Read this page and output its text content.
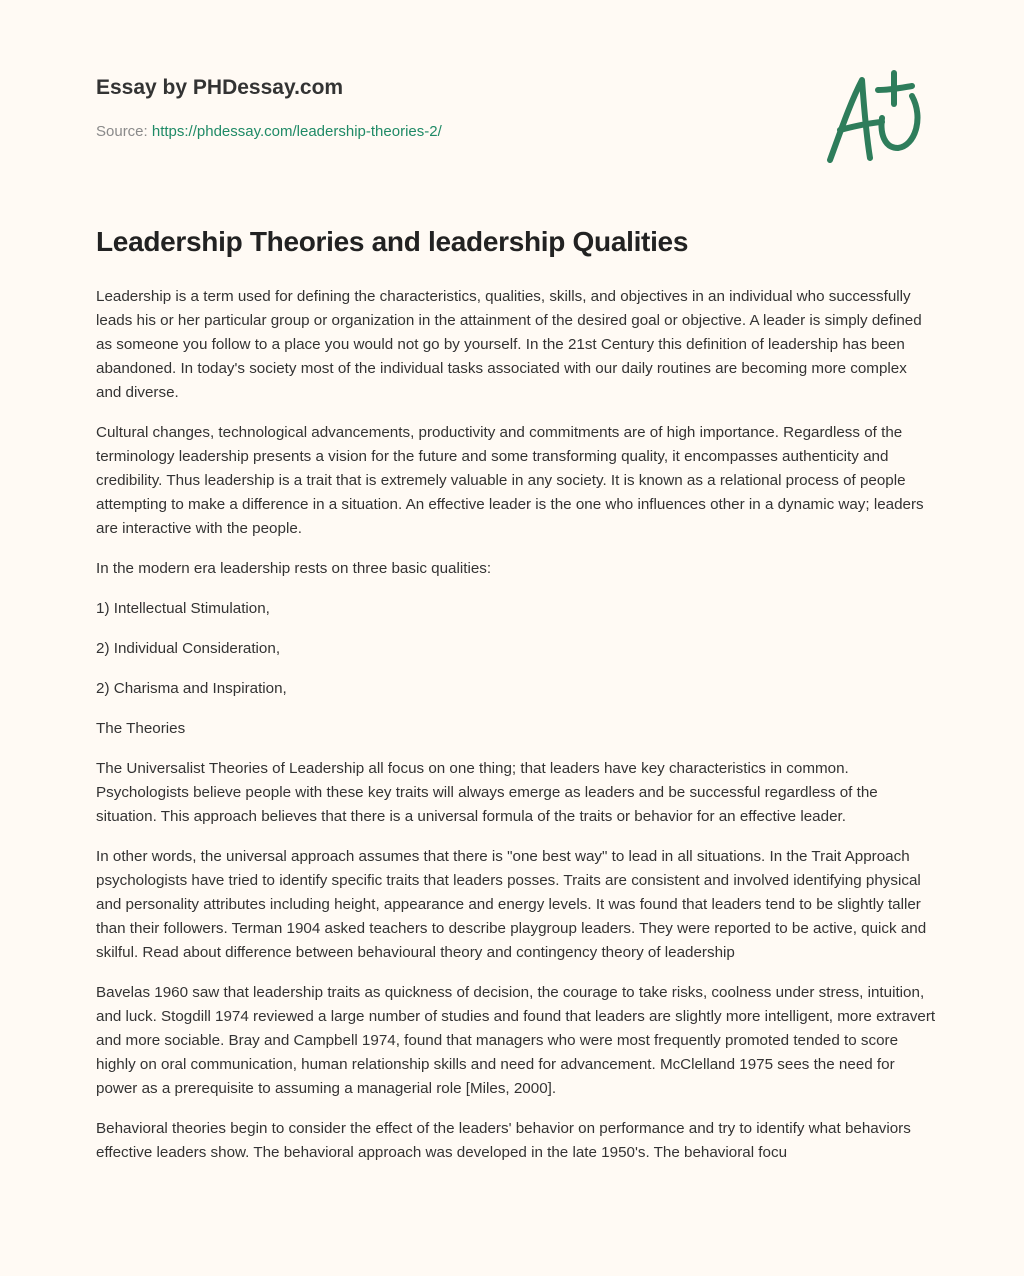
Essay by PHDessay.com
Source: https://phdessay.com/leadership-theories-2/
Leadership Theories and leadership Qualities

Leadership is a term used for defining the characteristics, qualities, skills, and objectives in an individual who successfully leads his or her particular group or organization in the attainment of the desired goal or objective. A leader is simply defined as someone you follow to a place you would not go by yourself. In the 21st Century this definition of leadership has been abandoned. In today's society most of the individual tasks associated with our daily routines are becoming more complex and diverse.

Cultural changes, technological advancements, productivity and commitments are of high importance. Regardless of the terminology leadership presents a vision for the future and some transforming quality, it encompasses authenticity and credibility. Thus leadership is a trait that is extremely valuable in any society. It is known as a relational process of people attempting to make a difference in a situation. An effective leader is the one who influences other in a dynamic way; leaders are interactive with the people.

In the modern era leadership rests on three basic qualities:

1) Intellectual Stimulation,

2) Individual Consideration,

2) Charisma and Inspiration,

The Theories

The Universalist Theories of Leadership all focus on one thing; that leaders have key characteristics in common. Psychologists believe people with these key traits will always emerge as leaders and be successful regardless of the situation. This approach believes that there is a universal formula of the traits or behavior for an effective leader.

In other words, the universal approach assumes that there is "one best way" to lead in all situations. In the Trait Approach psychologists have tried to identify specific traits that leaders posses. Traits are consistent and involved identifying physical and personality attributes including height, appearance and energy levels. It was found that leaders tend to be slightly taller than their followers. Terman 1904 asked teachers to describe playgroup leaders. They were reported to be active, quick and skilful. Read about difference between behavioural theory and contingency theory of leadership

Bavelas 1960 saw that leadership traits as quickness of decision, the courage to take risks, coolness under stress, intuition, and luck. Stogdill 1974 reviewed a large number of studies and found that leaders are slightly more intelligent, more extravert and more sociable. Bray and Campbell 1974, found that managers who were most frequently promoted tended to score highly on oral communication, human relationship skills and need for advancement. McClelland 1975 sees the need for power as a prerequisite to assuming a managerial role [Miles, 2000].

Behavioral theories begin to consider the effect of the leaders' behavior on performance and try to identify what behaviors effective leaders show. The behavioral approach was developed in the late 1950's. The behavioral focu
